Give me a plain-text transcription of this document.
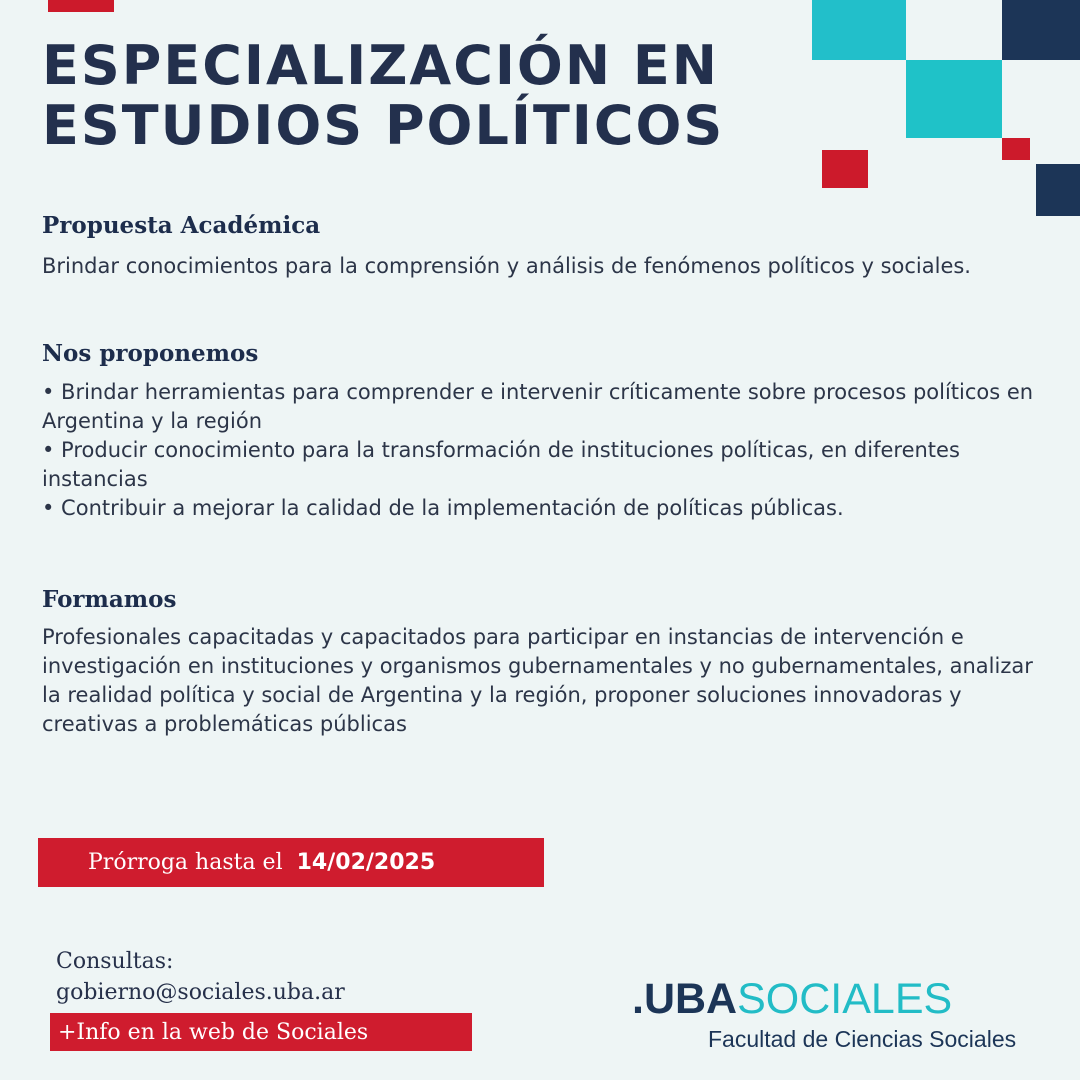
ESPECIALIZACIÓN EN
ESTUDIOS POLÍTICOS
Propuesta Académica

Brindar conocimientos para la comprensión y análisis de fenómenos políticos y sociales.

Nos proponemos

• Brindar herramientas para comprender e intervenir críticamente sobre procesos políticos en Argentina y la región

• Producir conocimiento para la transformación de instituciones políticas, en diferentes instancias

• Contribuir a mejorar la calidad de la implementación de políticas públicas.

Formamos

Profesionales capacitadas y capacitados para participar en instancias de intervención e investigación en instituciones y organismos gubernamentales y no gubernamentales, analizar la realidad política y social de Argentina y la región, proponer soluciones innovadoras y creativas a problemáticas públicas

Prórroga hasta el 14/02/2025
Consultas:
gobierno@sociales.uba.ar
+Info en la web de Sociales
.UBASOCIALES
Facultad de Ciencias Sociales
